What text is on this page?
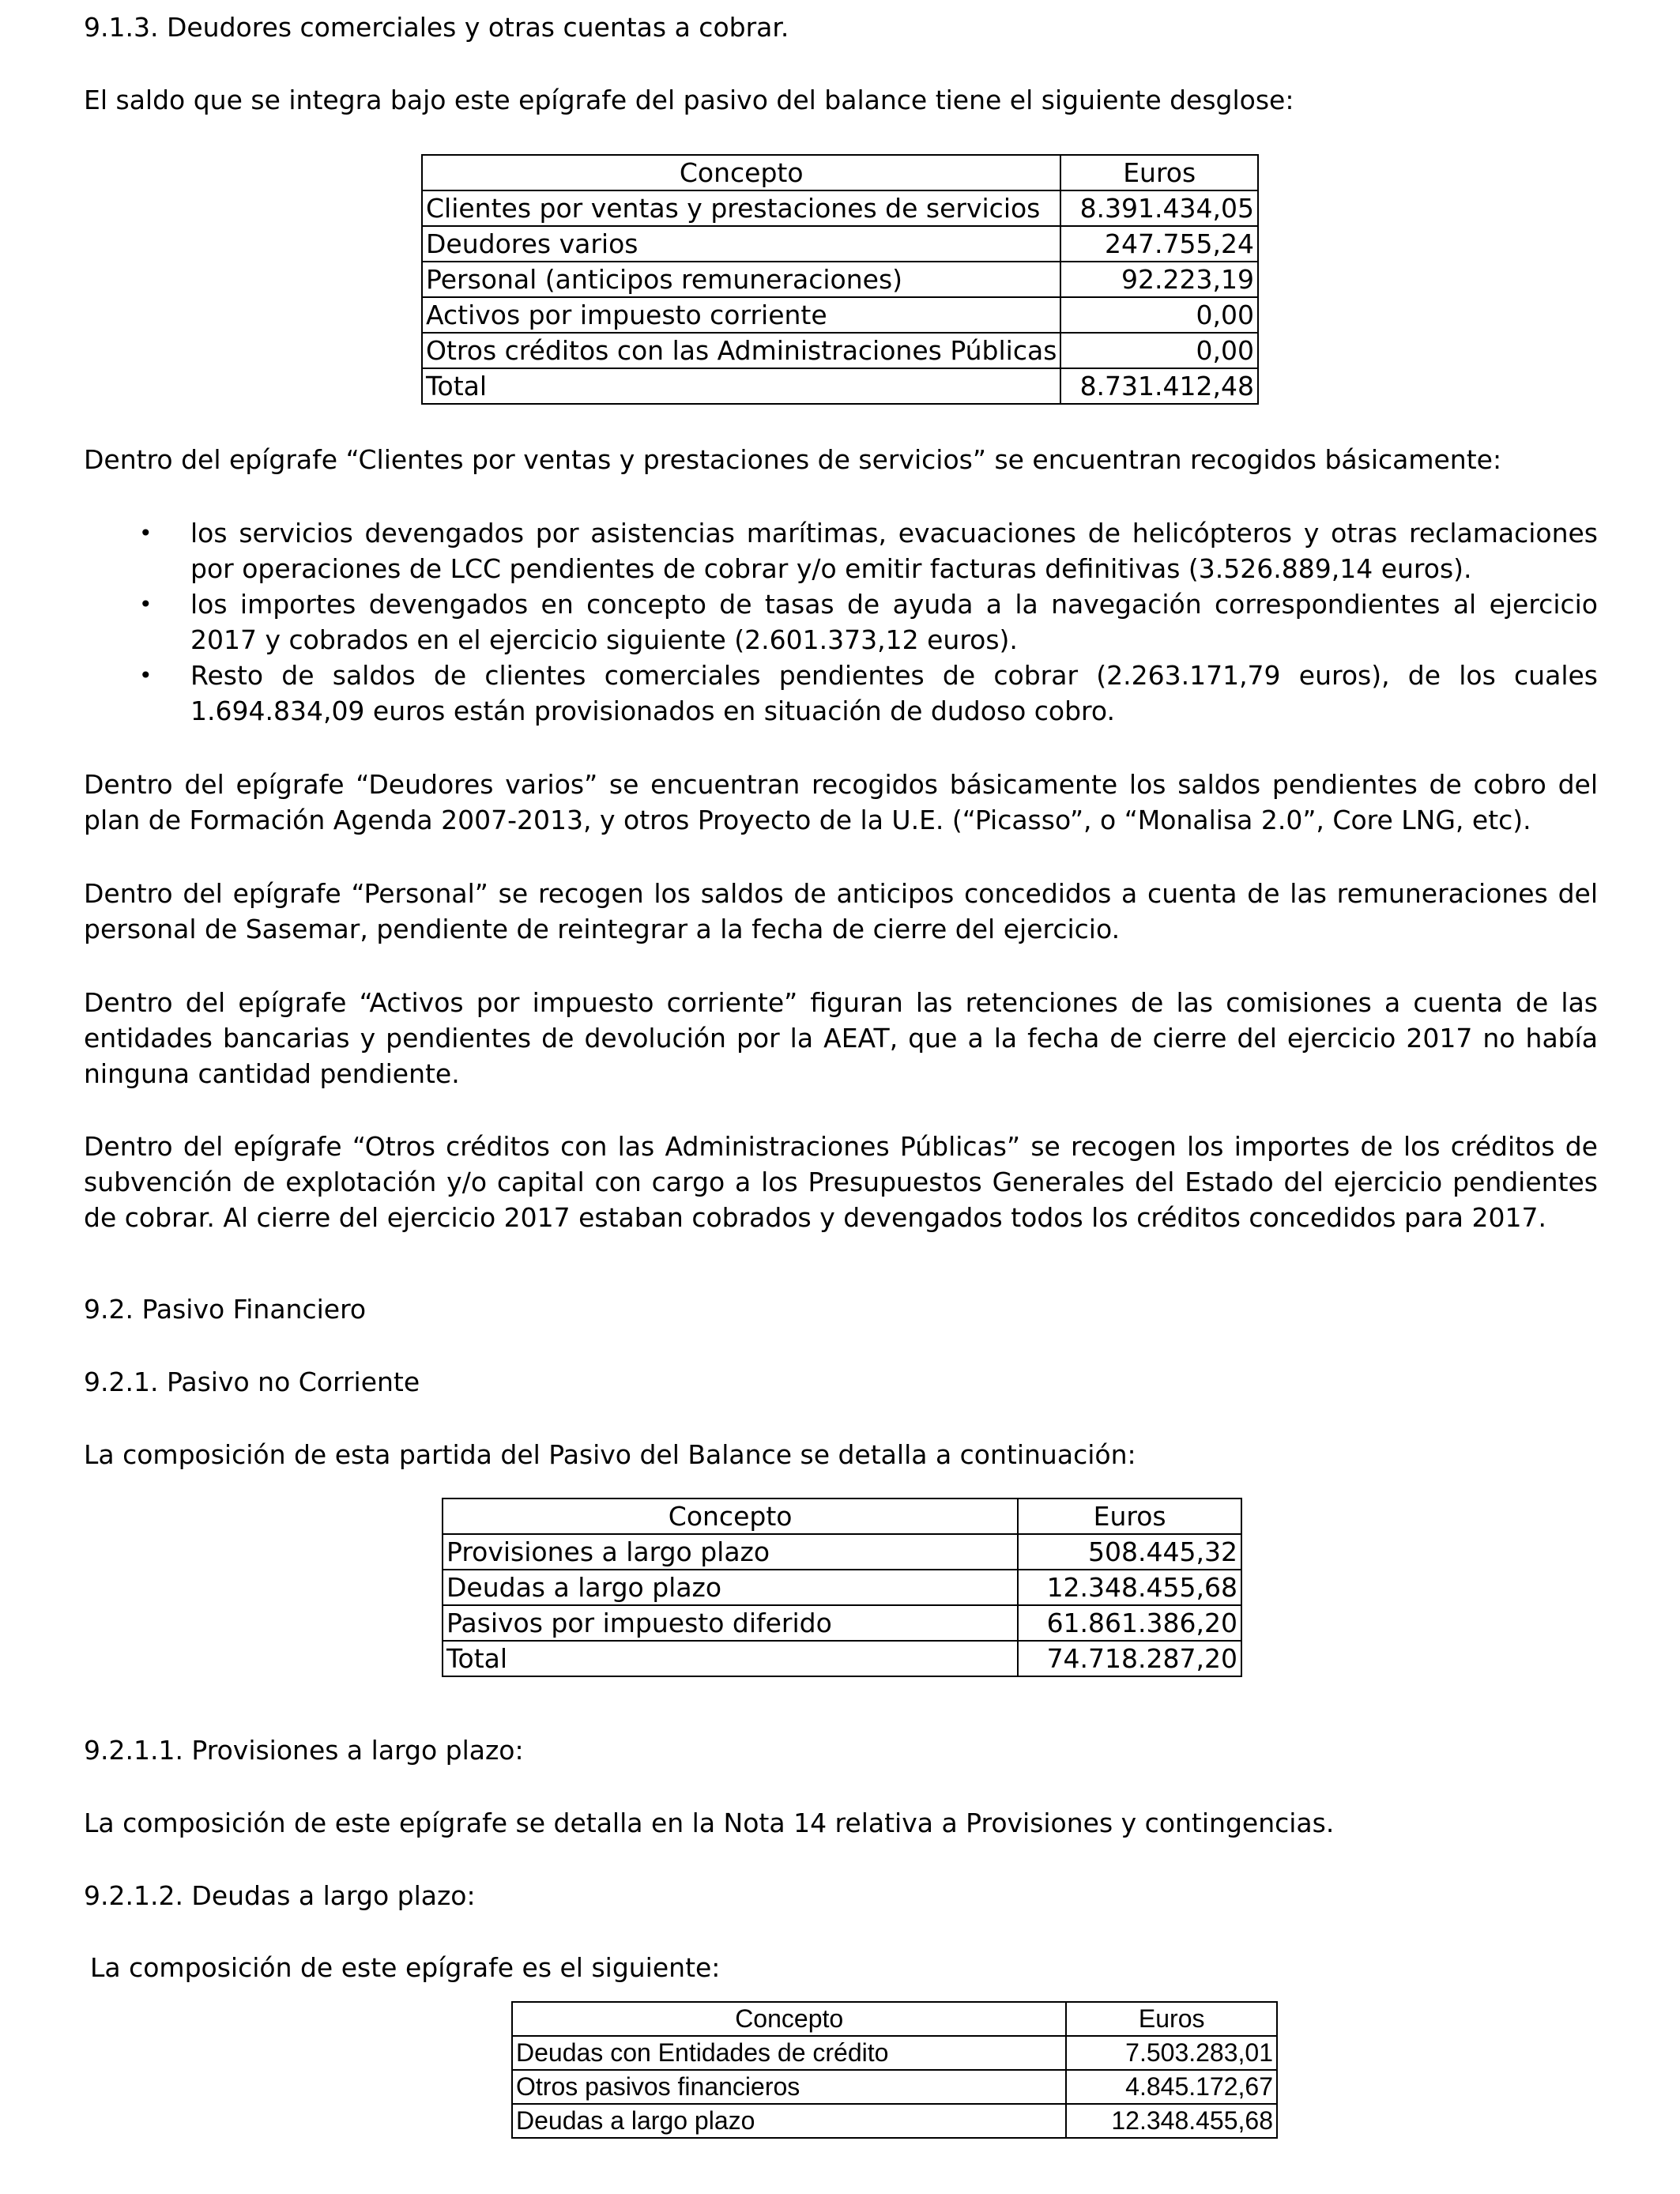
9.1.3. Deudores comerciales y otras cuentas a cobrar.
El saldo que se integra bajo este epígrafe del pasivo del balance tiene el siguiente desglose:
Concepto	Euros
Clientes por ventas y prestaciones de servicios	8.391.434,05
Deudores varios	247.755,24
Personal (anticipos remuneraciones)	92.223,19
Activos por impuesto corriente	0,00
Otros créditos con las Administraciones Públicas	0,00
Total	8.731.412,48
Dentro del epígrafe “Clientes por ventas y prestaciones de servicios” se encuentran recogidos básicamente:
• los servicios devengados por asistencias marítimas, evacuaciones de helicópteros y otras reclamaciones
por operaciones de LCC pendientes de cobrar y/o emitir facturas definitivas (3.526.889,14 euros).
• los importes devengados en concepto de tasas de ayuda a la navegación correspondientes al ejercicio
2017 y cobrados en el ejercicio siguiente (2.601.373,12 euros).
• Resto de saldos de clientes comerciales pendientes de cobrar (2.263.171,79 euros), de los cuales
1.694.834,09 euros están provisionados en situación de dudoso cobro.
Dentro del epígrafe “Deudores varios” se encuentran recogidos básicamente los saldos pendientes de cobro del
plan de Formación Agenda 2007-2013, y otros Proyecto de la U.E. (“Picasso”, o “Monalisa 2.0”, Core LNG, etc).
Dentro del epígrafe “Personal” se recogen los saldos de anticipos concedidos a cuenta de las remuneraciones del
personal de Sasemar, pendiente de reintegrar a la fecha de cierre del ejercicio.
Dentro del epígrafe “Activos por impuesto corriente” figuran las retenciones de las comisiones a cuenta de las
entidades bancarias y pendientes de devolución por la AEAT, que a la fecha de cierre del ejercicio 2017 no había
ninguna cantidad pendiente.
Dentro del epígrafe “Otros créditos con las Administraciones Públicas” se recogen los importes de los créditos de
subvención de explotación y/o capital con cargo a los Presupuestos Generales del Estado del ejercicio pendientes
de cobrar. Al cierre del ejercicio 2017 estaban cobrados y devengados todos los créditos concedidos para 2017.
9.2. Pasivo Financiero
9.2.1. Pasivo no Corriente
La composición de esta partida del Pasivo del Balance se detalla a continuación:
Concepto	Euros
Provisiones a largo plazo	508.445,32
Deudas a largo plazo	12.348.455,68
Pasivos por impuesto diferido	61.861.386,20
Total	74.718.287,20
9.2.1.1. Provisiones a largo plazo:
La composición de este epígrafe se detalla en la Nota 14 relativa a Provisiones y contingencias.
9.2.1.2. Deudas a largo plazo:
La composición de este epígrafe es el siguiente:
Concepto	Euros
Deudas con Entidades de crédito	7.503.283,01
Otros pasivos financieros	4.845.172,67
Deudas a largo plazo	12.348.455,68
